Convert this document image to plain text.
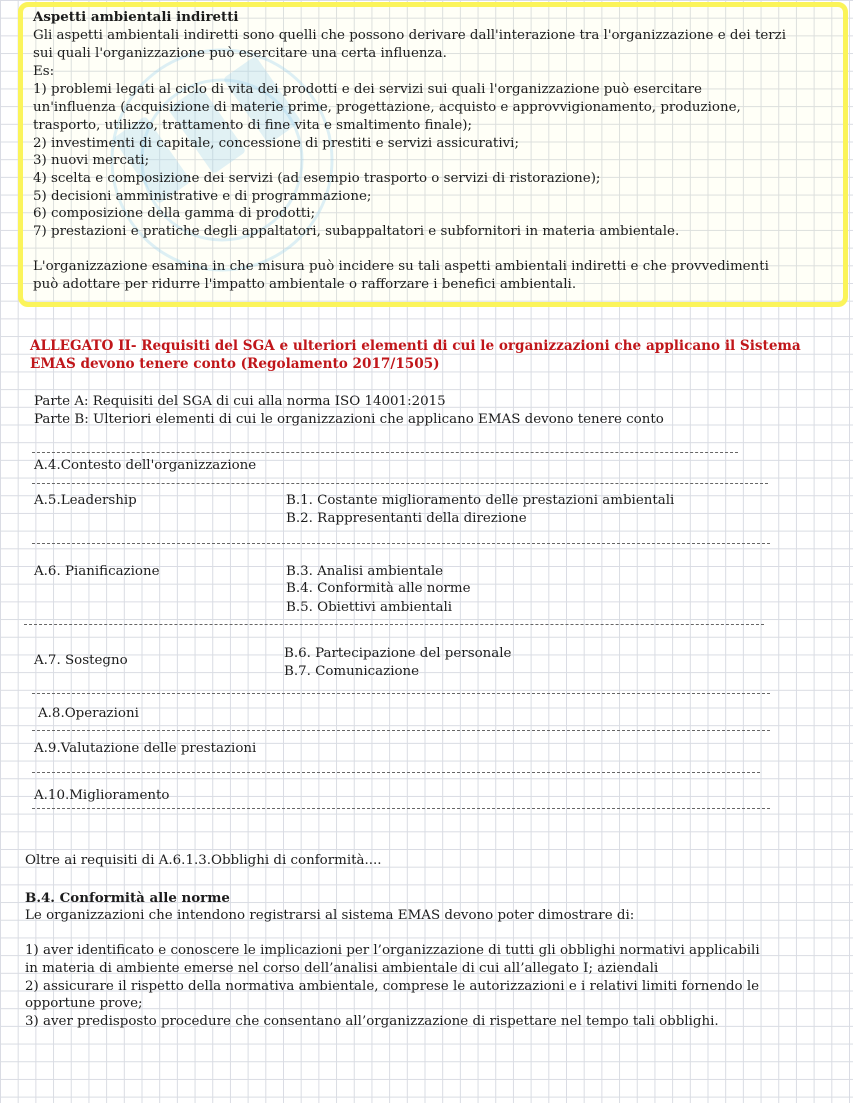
Aspetti ambientali indiretti
Gli aspetti ambientali indiretti sono quelli che possono derivare dall'interazione tra l'organizzazione e dei terzi
sui quali l'organizzazione può esercitare una certa influenza.
Es:
1) problemi legati al ciclo di vita dei prodotti e dei servizi sui quali l'organizzazione può esercitare
un'influenza (acquisizione di materie prime, progettazione, acquisto e approvvigionamento, produzione,
trasporto, utilizzo, trattamento di fine vita e smaltimento finale);
2) investimenti di capitale, concessione di prestiti e servizi assicurativi;
3) nuovi mercati;
4) scelta e composizione dei servizi (ad esempio trasporto o servizi di ristorazione);
5) decisioni amministrative e di programmazione;
6) composizione della gamma di prodotti;
7) prestazioni e pratiche degli appaltatori, subappaltatori e subfornitori in materia ambientale.
L'organizzazione esamina in che misura può incidere su tali aspetti ambientali indiretti e che provvedimenti
può adottare per ridurre l'impatto ambientale o rafforzare i benefici ambientali.
ALLEGATO II- Requisiti del SGA e ulteriori elementi di cui le organizzazioni che applicano il Sistema
EMAS devono tenere conto (Regolamento 2017/1505)
Parte A: Requisiti del SGA di cui alla norma ISO 14001:2015
Parte B: Ulteriori elementi di cui le organizzazioni che applicano EMAS devono tenere conto
A.4.Contesto dell'organizzazione
A.5.Leadership	B.1. Costante miglioramento delle prestazioni ambientali
B.2. Rappresentanti della direzione
A.6. Pianificazione	B.3. Analisi ambientale
B.4. Conformità alle norme
B.5. Obiettivi ambientali
B.6. Partecipazione del personale
A.7. Sostegno
B.7. Comunicazione
A.8.Operazioni
A.9.Valutazione delle prestazioni
A.10.Miglioramento
Oltre ai requisiti di A.6.1.3.Obblighi di conformità....
B.4. Conformità alle norme
Le organizzazioni che intendono registrarsi al sistema EMAS devono poter dimostrare di:
1) aver identificato e conoscere le implicazioni per l’organizzazione di tutti gli obblighi normativi applicabili
in materia di ambiente emerse nel corso dell’analisi ambientale di cui all’allegato I; aziendali
2) assicurare il rispetto della normativa ambientale, comprese le autorizzazioni e i relativi limiti fornendo le
opportune prove;
3) aver predisposto procedure che consentano all’organizzazione di rispettare nel tempo tali obblighi.
